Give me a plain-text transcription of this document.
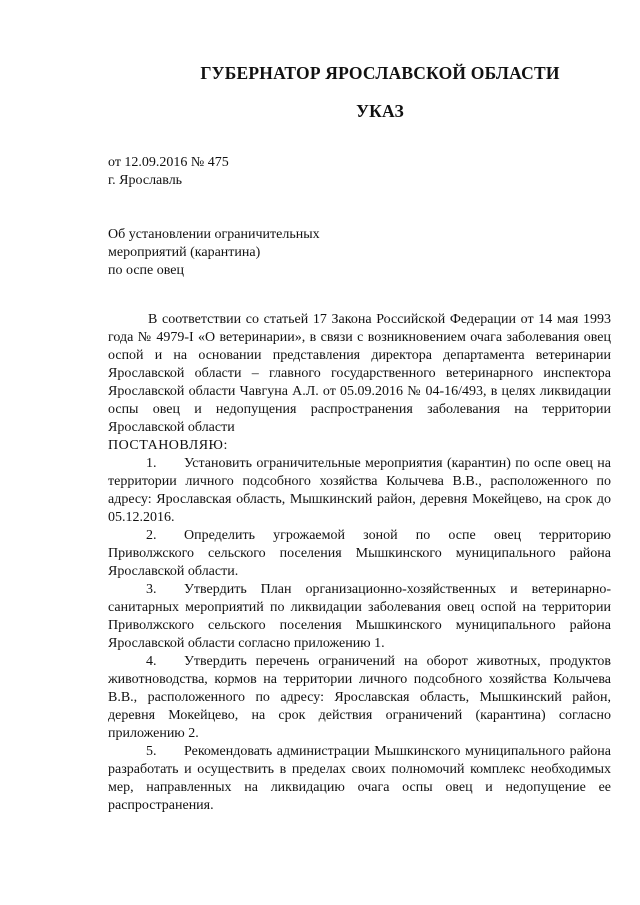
ГУБЕРНАТОР ЯРОСЛАВСКОЙ ОБЛАСТИ
УКАЗ
от 12.09.2016 № 475
г. Ярославль
Об установлении ограничительных
мероприятий (карантина)
по оспе овец

В соответствии со статьей 17 Закона Российской Федерации от 14 мая 1993 года № 4979-I «О ветеринарии», в связи с возникновением очага заболевания овец оспой и на основании представления директора департамента ветеринарии Ярославской области – главного государственного ветеринарного инспектора Ярославской области Чавгуна А.Л. от 05.09.2016 № 04-16/493, в целях ликвидации оспы овец и недопущения распространения заболевания на территории Ярославской области

ПОСТАНОВЛЯЮ:

1. Установить ограничительные мероприятия (карантин) по оспе овец на территории личного подсобного хозяйства Колычева В.В., расположенного по адресу: Ярославская область, Мышкинский район, деревня Мокейцево, на срок до 05.12.2016.

2. Определить угрожаемой зоной по оспе овец территорию Приволжского сельского поселения Мышкинского муниципального района Ярославской области.

3. Утвердить План организационно-хозяйственных и ветеринарно-санитарных мероприятий по ликвидации заболевания овец оспой на территории Приволжского сельского поселения Мышкинского муниципального района Ярославской области согласно приложению 1.

4. Утвердить перечень ограничений на оборот животных, продуктов животноводства, кормов на территории личного подсобного хозяйства Колычева В.В., расположенного по адресу: Ярославская область, Мышкинский район, деревня Мокейцево, на срок действия ограничений (карантина) согласно приложению 2.

5. Рекомендовать администрации Мышкинского муниципального района разработать и осуществить в пределах своих полномочий комплекс необходимых мер, направленных на ликвидацию очага оспы овец и недопущение ее распространения.
